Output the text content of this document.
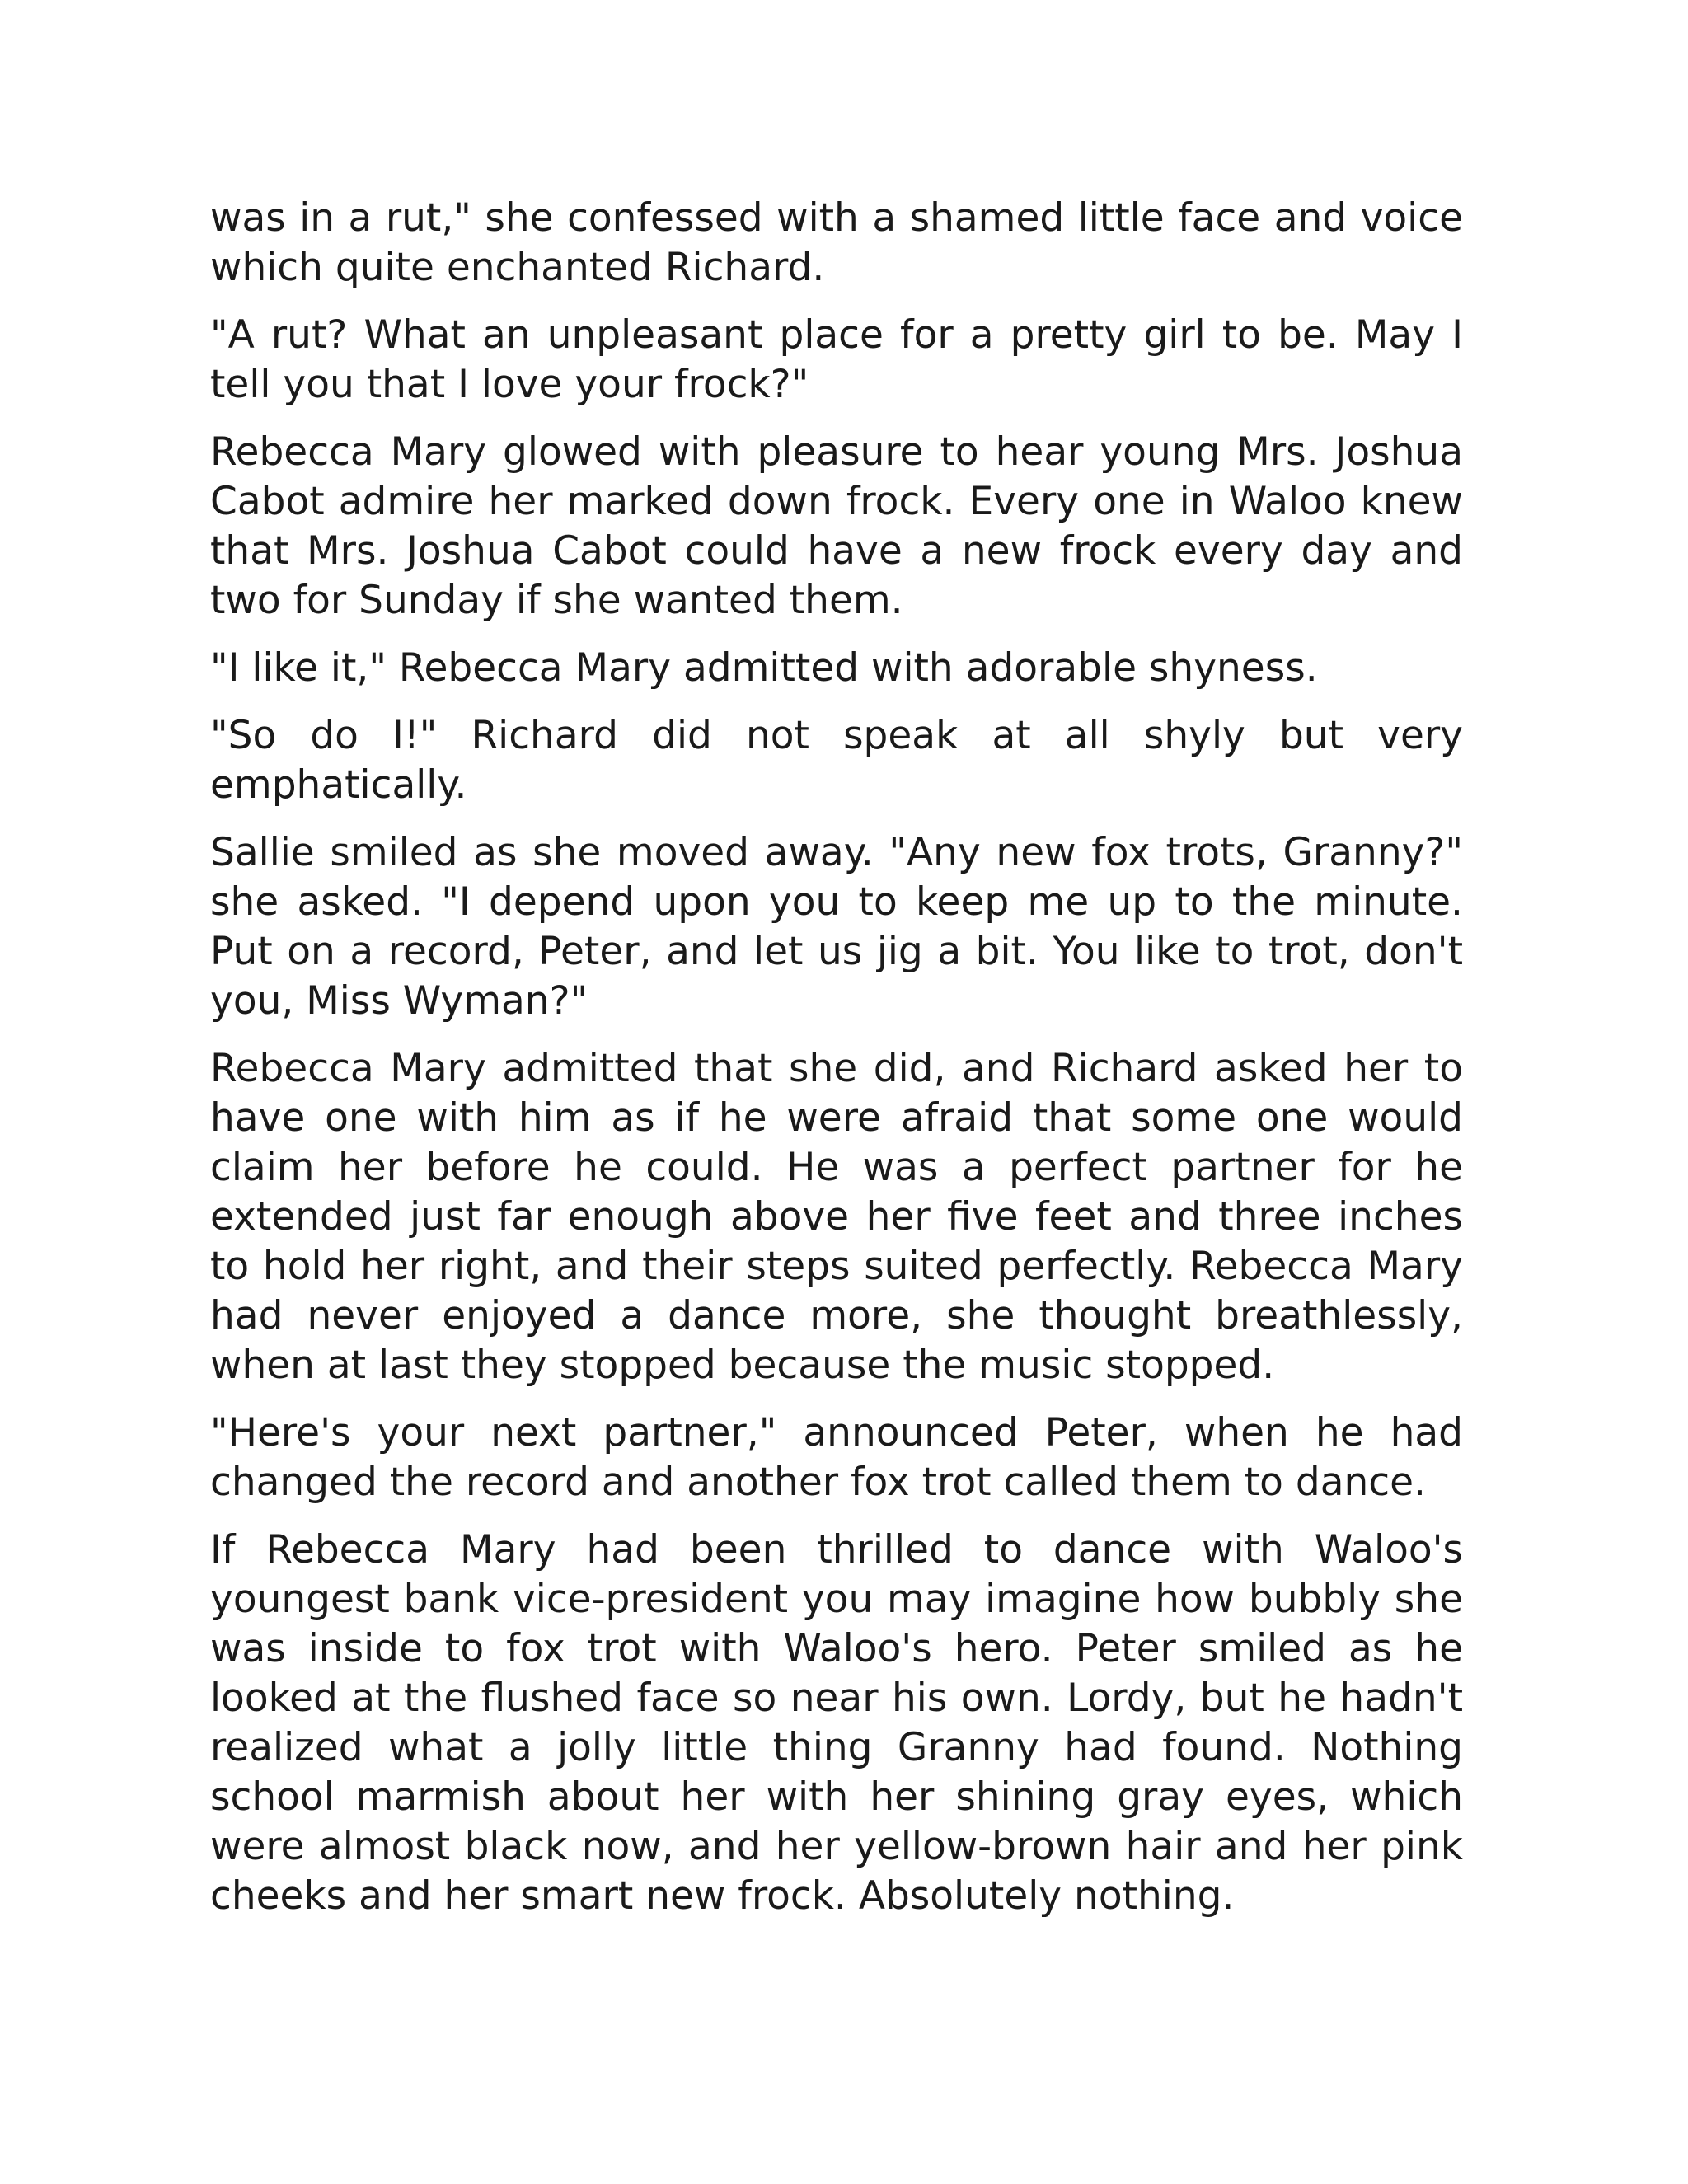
was in a rut," she confessed with a shamed little face and voice which quite enchanted Richard.

"A rut? What an unpleasant place for a pretty girl to be. May I tell you that I love your frock?"

Rebecca Mary glowed with pleasure to hear young Mrs. Joshua Cabot admire her marked down frock. Every one in Waloo knew that Mrs. Joshua Cabot could have a new frock every day and two for Sunday if she wanted them.

"I like it," Rebecca Mary admitted with adorable shyness.

"So do I!" Richard did not speak at all shyly but very emphatically.

Sallie smiled as she moved away. "Any new fox trots, Granny?" she asked. "I depend upon you to keep me up to the minute. Put on a record, Peter, and let us jig a bit. You like to trot, don't you, Miss Wyman?"

Rebecca Mary admitted that she did, and Richard asked her to have one with him as if he were afraid that some one would claim her before he could. He was a perfect partner for he extended just far enough above her five feet and three inches to hold her right, and their steps suited perfectly. Rebecca Mary had never enjoyed a dance more, she thought breathlessly, when at last they stopped because the music stopped.

"Here's your next partner," announced Peter, when he had changed the record and another fox trot called them to dance.

If Rebecca Mary had been thrilled to dance with Waloo's youngest bank vice-president you may imagine how bubbly she was inside to fox trot with Waloo's hero. Peter smiled as he looked at the flushed face so near his own. Lordy, but he hadn't realized what a jolly little thing Granny had found. Nothing school marmish about her with her shining gray eyes, which were almost black now, and her yellow-brown hair and her pink cheeks and her smart new frock. Absolutely nothing.
